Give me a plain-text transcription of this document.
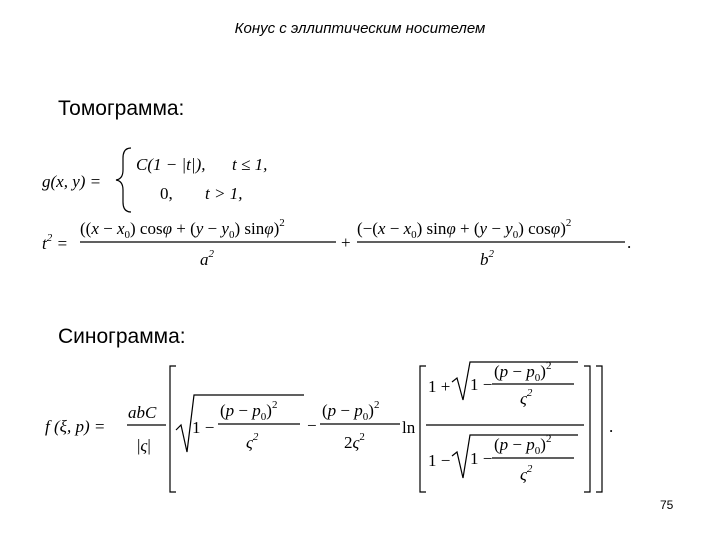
Конус с эллиптическим носителем
Томограмма:
Синограмма:
75
g(x, y) =
C(1 − |t|), t ≤ 1,
0, t > 1,
$t^2$ =
($(x - x_0)$ $\cos\varphi + (y - y_0)$ sinφ)$^2$
$a^2$
+
($-(x - x_0)$ $\sin\varphi + (y - y_0)$ cosφ)$^2$
$b^2$
.
f (ξ, p) =
abC
|ς|
1 −
$(p - p_0)^2$
$\varsigma^2$
−
$(p - p_0)^2$
$2\varsigma^2$ ln
1 + 1 −
$(p - p_0)^2$
$\varsigma^2$
1 − 1 −
$(p - p_0)^2$
$\varsigma^2$
.
